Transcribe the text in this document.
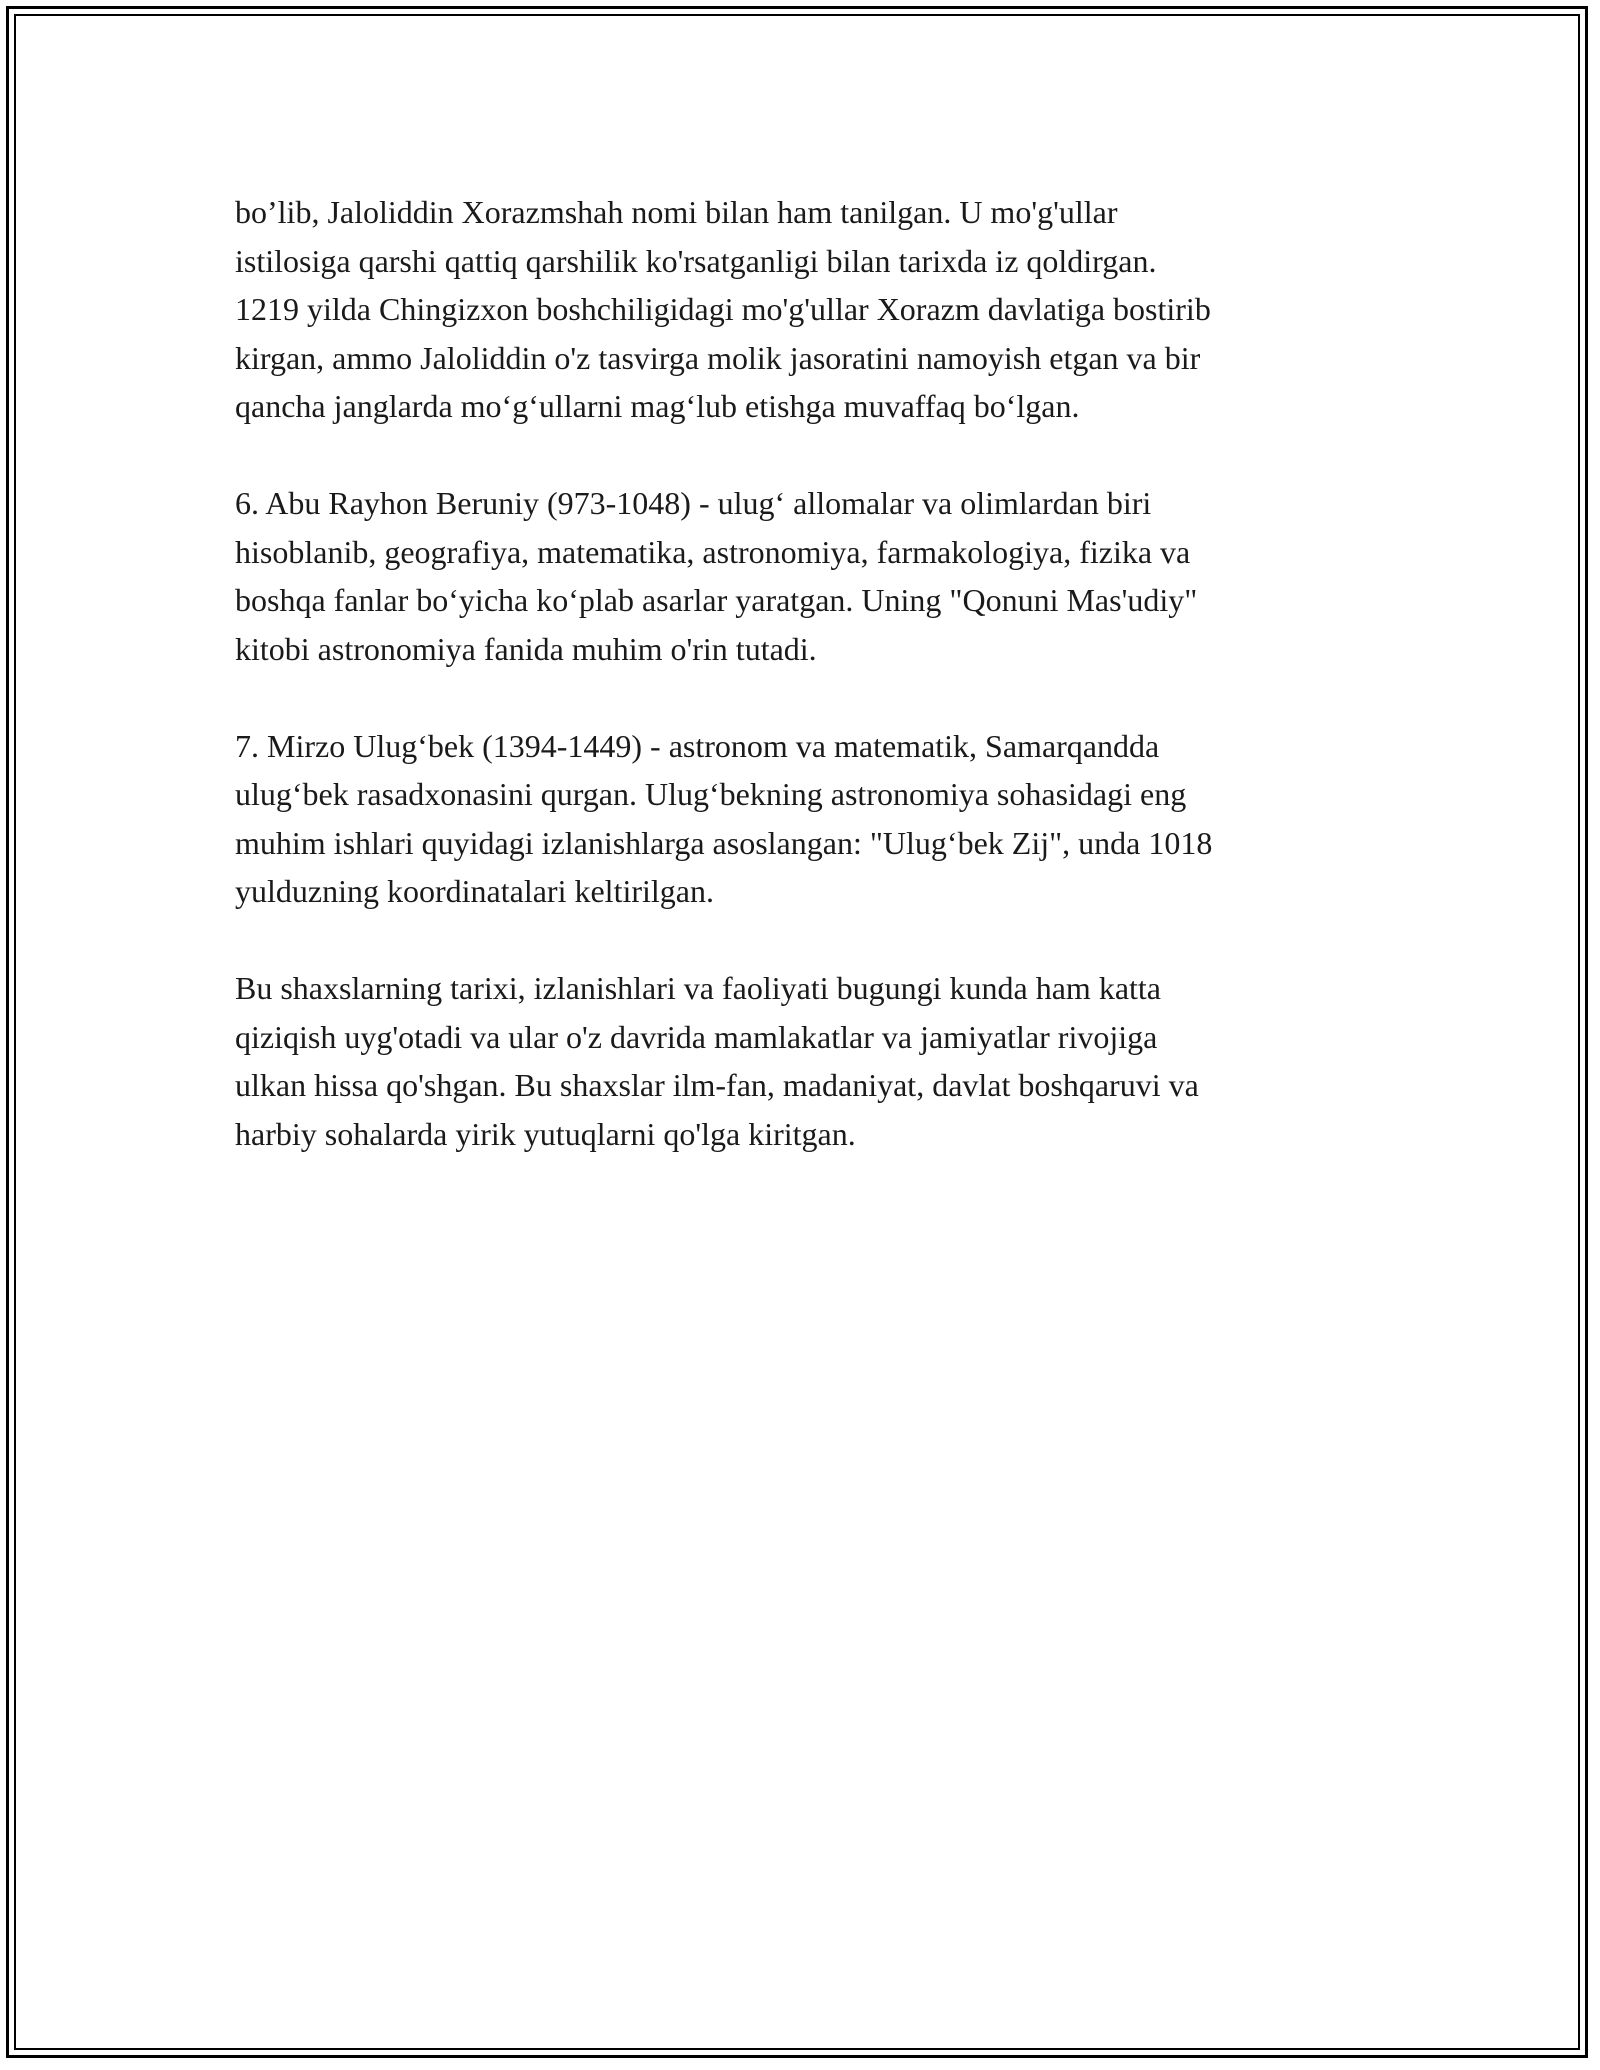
bo’lib, Jaloliddin Xorazmshah nomi bilan ham tanilgan. U mo'g'ullar
istilosiga qarshi qattiq qarshilik ko'rsatganligi bilan tarixda iz qoldirgan.
1219 yilda Chingizxon boshchiligidagi mo'g'ullar Xorazm davlatiga bostirib
kirgan, ammo Jaloliddin o'z tasvirga molik jasoratini namoyish etgan va bir
qancha janglarda mo‘g‘ullarni mag‘lub etishga muvaffaq bo‘lgan.
6. Abu Rayhon Beruniy (973-1048) - ulug‘ allomalar va olimlardan biri
hisoblanib, geografiya, matematika, astronomiya, farmakologiya, fizika va
boshqa fanlar bo‘yicha ko‘plab asarlar yaratgan. Uning "Qonuni Mas'udiy"
kitobi astronomiya fanida muhim o'rin tutadi.
7. Mirzo Ulug‘bek (1394-1449) - astronom va matematik, Samarqandda
ulug‘bek rasadxonasini qurgan. Ulug‘bekning astronomiya sohasidagi eng
muhim ishlari quyidagi izlanishlarga asoslangan: "Ulug‘bek Zij", unda 1018
yulduzning koordinatalari keltirilgan.
Bu shaxslarning tarixi, izlanishlari va faoliyati bugungi kunda ham katta
qiziqish uyg'otadi va ular o'z davrida mamlakatlar va jamiyatlar rivojiga
ulkan hissa qo'shgan. Bu shaxslar ilm-fan, madaniyat, davlat boshqaruvi va
harbiy sohalarda yirik yutuqlarni qo'lga kiritgan.
